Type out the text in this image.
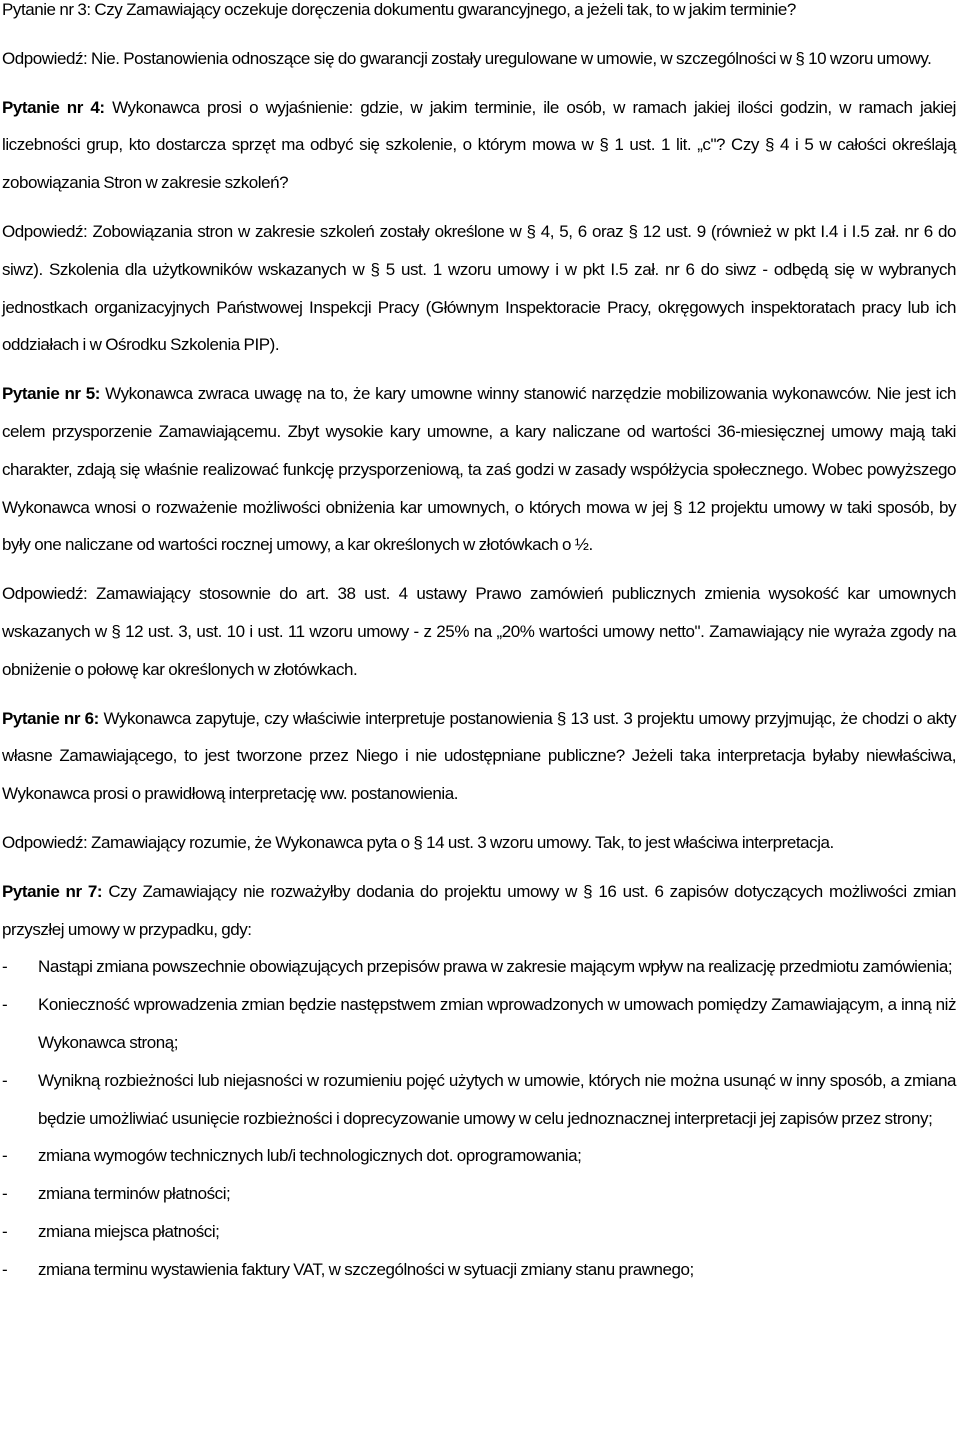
Pytanie nr 3: Czy Zamawiający oczekuje doręczenia dokumentu gwarancyjnego, a jeżeli tak, to w jakim terminie?
Odpowiedź: Nie. Postanowienia odnoszące się do gwarancji zostały uregulowane w umowie, w szczególności w § 10 wzoru umowy.
Pytanie nr 4: Wykonawca prosi o wyjaśnienie: gdzie, w jakim terminie, ile osób, w ramach jakiej ilości godzin, w ramach jakiej liczebności grup, kto dostarcza sprzęt ma odbyć się szkolenie, o którym mowa w § 1 ust. 1 lit. „c"? Czy § 4 i 5 w całości określają zobowiązania Stron w zakresie szkoleń?
Odpowiedź: Zobowiązania stron w zakresie szkoleń zostały określone w § 4, 5, 6 oraz § 12 ust. 9 (również w pkt I.4 i I.5 zał. nr 6 do siwz). Szkolenia dla użytkowników wskazanych w § 5 ust. 1 wzoru umowy i w pkt I.5 zał. nr 6 do siwz - odbędą się w wybranych jednostkach organizacyjnych Państwowej Inspekcji Pracy (Głównym Inspektoracie Pracy, okręgowych inspektoratach pracy lub ich oddziałach i w Ośrodku Szkolenia PIP).
Pytanie nr 5: Wykonawca zwraca uwagę na to, że kary umowne winny stanowić narzędzie mobilizowania wykonawców. Nie jest ich celem przysporzenie Zamawiającemu. Zbyt wysokie kary umowne, a kary naliczane od wartości 36-miesięcznej umowy mają taki charakter, zdają się właśnie realizować funkcję przysporzeniową, ta zaś godzi w zasady współżycia społecznego. Wobec powyższego Wykonawca wnosi o rozważenie możliwości obniżenia kar umownych, o których mowa w jej § 12 projektu umowy w taki sposób, by były one naliczane od wartości rocznej umowy, a kar określonych w złotówkach o ½.
Odpowiedź: Zamawiający stosownie do art. 38 ust. 4 ustawy Prawo zamówień publicznych zmienia wysokość kar umownych wskazanych w § 12 ust. 3, ust. 10 i ust. 11 wzoru umowy - z 25% na „20% wartości umowy netto". Zamawiający nie wyraża zgody na obniżenie o połowę kar określonych w złotówkach.
Pytanie nr 6: Wykonawca zapytuje, czy właściwie interpretuje postanowienia § 13 ust. 3 projektu umowy przyjmując, że chodzi o akty własne Zamawiającego, to jest tworzone przez Niego i nie udostępniane publiczne? Jeżeli taka interpretacja byłaby niewłaściwa, Wykonawca prosi o prawidłową interpretację ww. postanowienia.
Odpowiedź: Zamawiający rozumie, że Wykonawca pyta o § 14 ust. 3 wzoru umowy. Tak, to jest właściwa interpretacja.
Pytanie nr 7: Czy Zamawiający nie rozważyłby dodania do projektu umowy w § 16 ust. 6 zapisów dotyczących możliwości zmian przyszłej umowy w przypadku, gdy:
- Nastąpi zmiana powszechnie obowiązujących przepisów prawa w zakresie mającym wpływ na realizację przedmiotu zamówienia;
- Konieczność wprowadzenia zmian będzie następstwem zmian wprowadzonych w umowach pomiędzy Zamawiającym, a inną niż Wykonawca stroną;
- Wynikną rozbieżności lub niejasności w rozumieniu pojęć użytych w umowie, których nie można usunąć w inny sposób, a zmiana będzie umożliwiać usunięcie rozbieżności i doprecyzowanie umowy w celu jednoznacznej interpretacji jej zapisów przez strony;
- zmiana wymogów technicznych lub/i technologicznych dot. oprogramowania;
- zmiana terminów płatności;
- zmiana miejsca płatności;
- zmiana terminu wystawienia faktury VAT, w szczególności w sytuacji zmiany stanu prawnego;
